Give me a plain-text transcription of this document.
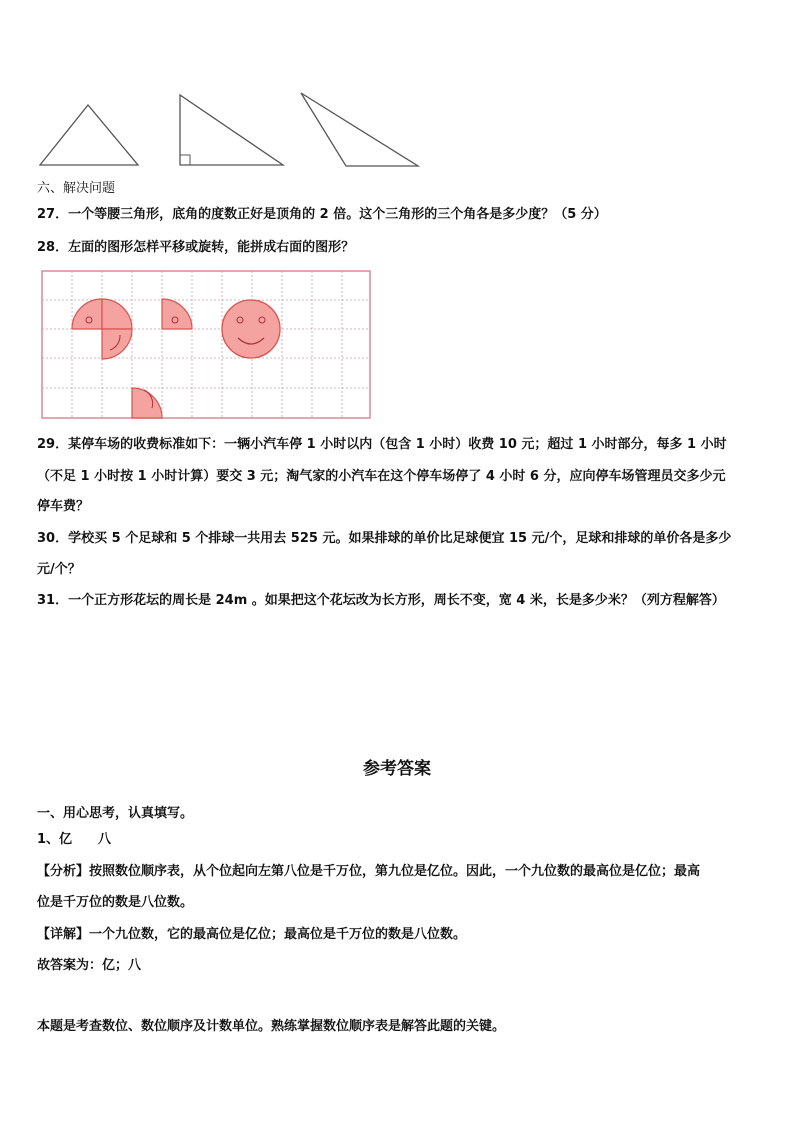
六、解决问题
27．一个等腰三角形，底角的度数正好是顶角的 2 倍。这个三角形的三个角各是多少度？（5 分）
28．左面的图形怎样平移或旋转，能拼成右面的图形？
29．某停车场的收费标准如下：一辆小汽车停 1 小时以内（包含 1 小时）收费 10 元；超过 1 小时部分，每多 1 小时
（不足 1 小时按 1 小时计算）要交 3 元；淘气家的小汽车在这个停车场停了 4 小时 6 分，应向停车场管理员交多少元
停车费？
30．学校买 5 个足球和 5 个排球一共用去 525 元。如果排球的单价比足球便宜 15 元/个，足球和排球的单价各是多少
元/个？
31．一个正方形花坛的周长是 24m 。如果把这个花坛改为长方形，周长不变，宽 4 米，长是多少米？（列方程解答）
参考答案
一、用心思考，认真填写。
1、亿　　八
【分析】按照数位顺序表，从个位起向左第八位是千万位，第九位是亿位。因此，一个九位数的最高位是亿位；最高
位是千万位的数是八位数。
【详解】一个九位数，它的最高位是亿位；最高位是千万位的数是八位数。
故答案为：亿；八
本题是考查数位、数位顺序及计数单位。熟练掌握数位顺序表是解答此题的关键。
